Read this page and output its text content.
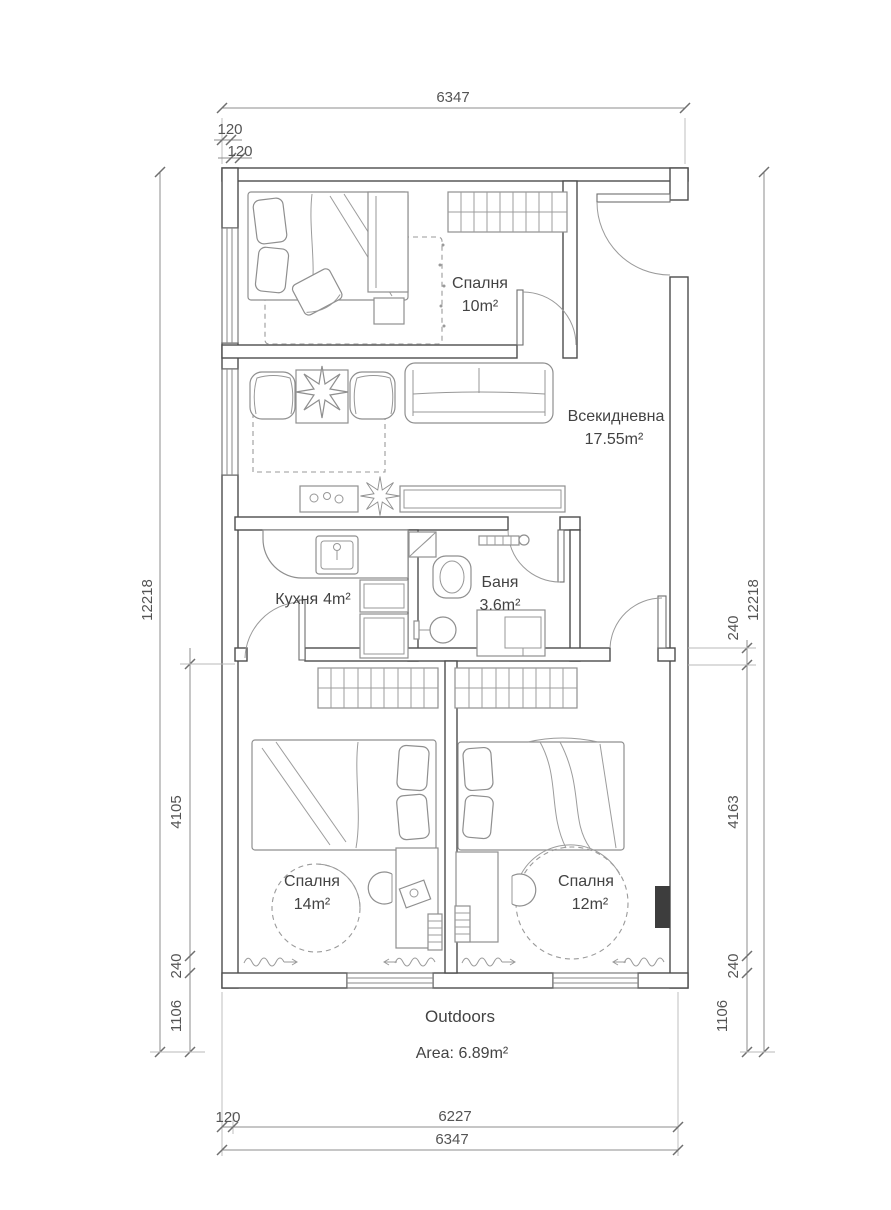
6347
120
120
12218
4105
240
1106
240
4163
240
1106
12218
120	6227
6347
Спалня
10m²
Всекидневна
17.55m²
Кухня 4m²
Баня
3.6m²
Спалня
14m²
Спалня
12m²
Outdoors
Area: 6.89m²
